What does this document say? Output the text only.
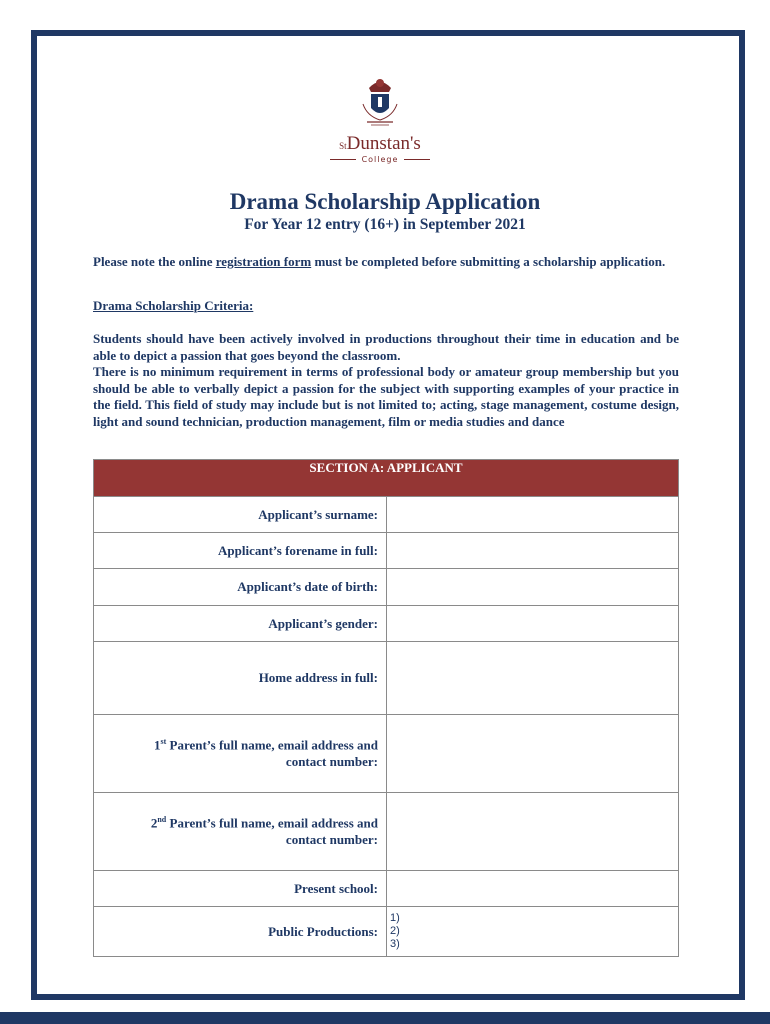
$^{St}$Dunstan's
College
Drama Scholarship Application
For Year 12 entry (16+) in September 2021
Please note the online registration form must be completed before submitting a scholarship application.
Drama Scholarship Criteria:
Students should have been actively involved in productions throughout their time in education and be able to depict a passion that goes beyond the classroom.
There is no minimum requirement in terms of professional body or amateur group membership but you should be able to verbally depict a passion for the subject with supporting examples of your practice in the field. This field of study may include but is not limited to; acting, stage management, costume design, light and sound technician, production management, film or media studies and dance
SECTION A: APPLICANT	
Applicant’s surname:	
Applicant’s forename in full:	
Applicant’s date of birth:	
Applicant’s gender:	
Home address in full:	
1st Parent’s full name, email address and
contact number:	
2nd Parent’s full name, email address and
contact number:	
Present school:	
Public Productions:	1)
2)
3)
